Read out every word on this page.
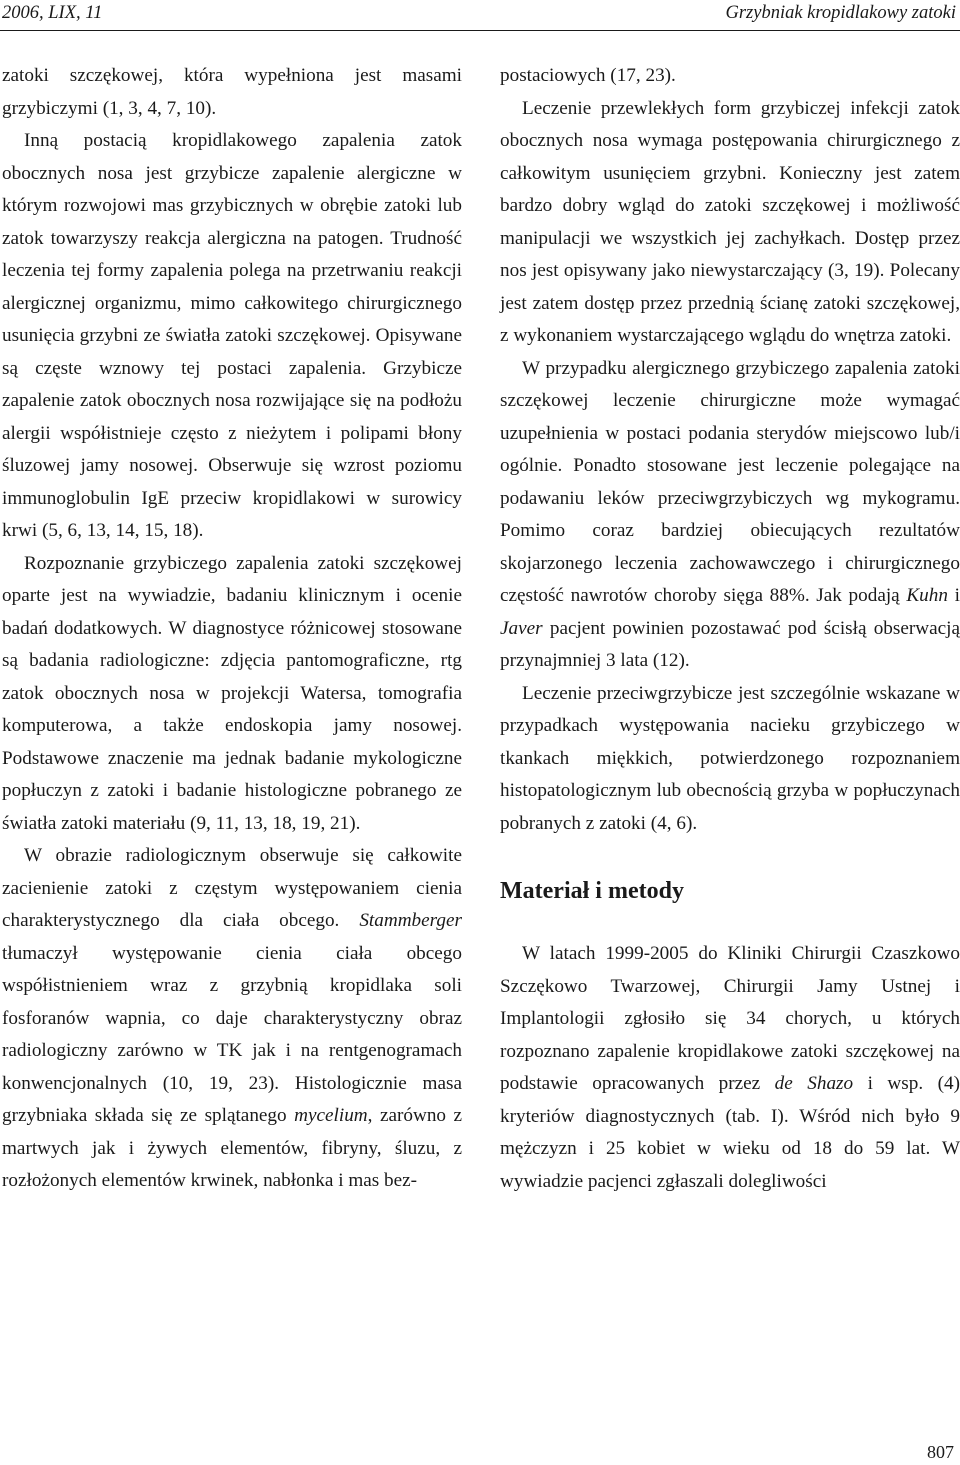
2006, LIX, 11	Grzybniak kropidlakowy zatoki

zatoki szczękowej, która wypełniona jest masami grzybiczymi (1, 3, 4, 7, 10).

Inną postacią kropidlakowego zapalenia zatok obocznych nosa jest grzybicze zapalenie alergiczne w którym rozwojowi mas grzybicznych w obrębie zatoki lub zatok towarzyszy reakcja alergiczna na patogen. Trudność leczenia tej formy zapalenia polega na przetrwaniu reakcji alergicznej organizmu, mimo całkowitego chirurgicznego usunięcia grzybni ze światła zatoki szczękowej. Opisywane są częste wznowy tej postaci zapalenia. Grzybicze zapalenie zatok obocznych nosa rozwijające się na podłożu alergii współistnieje często z nieżytem i polipami błony śluzowej jamy nosowej. Obserwuje się wzrost poziomu immunoglobulin IgE przeciw kropidlakowi w surowicy krwi (5, 6, 13, 14, 15, 18).

Rozpoznanie grzybiczego zapalenia zatoki szczękowej oparte jest na wywiadzie, badaniu klinicznym i ocenie badań dodatkowych. W diagnostyce różnicowej stosowane są badania radiologiczne: zdjęcia pantomograficzne, rtg zatok obocznych nosa w projekcji Watersa, tomografia komputerowa, a także endoskopia jamy nosowej. Podstawowe znaczenie ma jednak badanie mykologiczne popłuczyn z zatoki i badanie histologiczne pobranego ze światła zatoki materiału (9, 11, 13, 18, 19, 21).

W obrazie radiologicznym obserwuje się całkowite zacienienie zatoki z częstym występowaniem cienia charakterystycznego dla ciała obcego. Stammberger tłumaczył występowanie cienia ciała obcego współistnieniem wraz z grzybnią kropidlaka soli fosforanów wapnia, co daje charakterystyczny obraz radiologiczny zarówno w TK jak i na rentgenogramach konwencjonalnych (10, 19, 23). Histologicznie masa grzybniaka składa się ze splątanego mycelium, zarówno z martwych jak i żywych elementów, fibryny, śluzu, z rozłożonych elementów krwinek, nabłonka i mas bez-

postaciowych (17, 23).

Leczenie przewlekłych form grzybiczej infekcji zatok obocznych nosa wymaga postępowania chirurgicznego z całkowitym usunięciem grzybni. Konieczny jest zatem bardzo dobry wgląd do zatoki szczękowej i możliwość manipulacji we wszystkich jej zachyłkach. Dostęp przez nos jest opisywany jako niewystarczający (3, 19). Polecany jest zatem dostęp przez przednią ścianę zatoki szczękowej, z wykonaniem wystarczającego wglądu do wnętrza zatoki.

W przypadku alergicznego grzybiczego zapalenia zatoki szczękowej leczenie chirurgiczne może wymagać uzupełnienia w postaci podania sterydów miejscowo lub/i ogólnie. Ponadto stosowane jest leczenie polegające na podawaniu leków przeciwgrzybiczych wg mykogramu. Pomimo coraz bardziej obiecujących rezultatów skojarzonego leczenia zachowawczego i chirurgicznego częstość nawrotów choroby sięga 88%. Jak podają Kuhn i Javer pacjent powinien pozostawać pod ścisłą obserwacją przynajmniej 3 lata (12).

Leczenie przeciwgrzybicze jest szczególnie wskazane w przypadkach występowania nacieku grzybiczego w tkankach miękkich, potwierdzonego rozpoznaniem histopatologicznym lub obecnością grzyba w popłuczynach pobranych z zatoki (4, 6).

Materiał i metody

W latach 1999-2005 do Kliniki Chirurgii Czaszkowo Szczękowo Twarzowej, Chirurgii Jamy Ustnej i Implantologii zgłosiło się 34 chorych, u których rozpoznano zapalenie kropidlakowe zatoki szczękowej na podstawie opracowanych przez de Shazo i wsp. (4) kryteriów diagnostycznych (tab. I). Wśród nich było 9 mężczyzn i 25 kobiet w wieku od 18 do 59 lat. W wywiadzie pacjenci zgłaszali dolegliwości

807
